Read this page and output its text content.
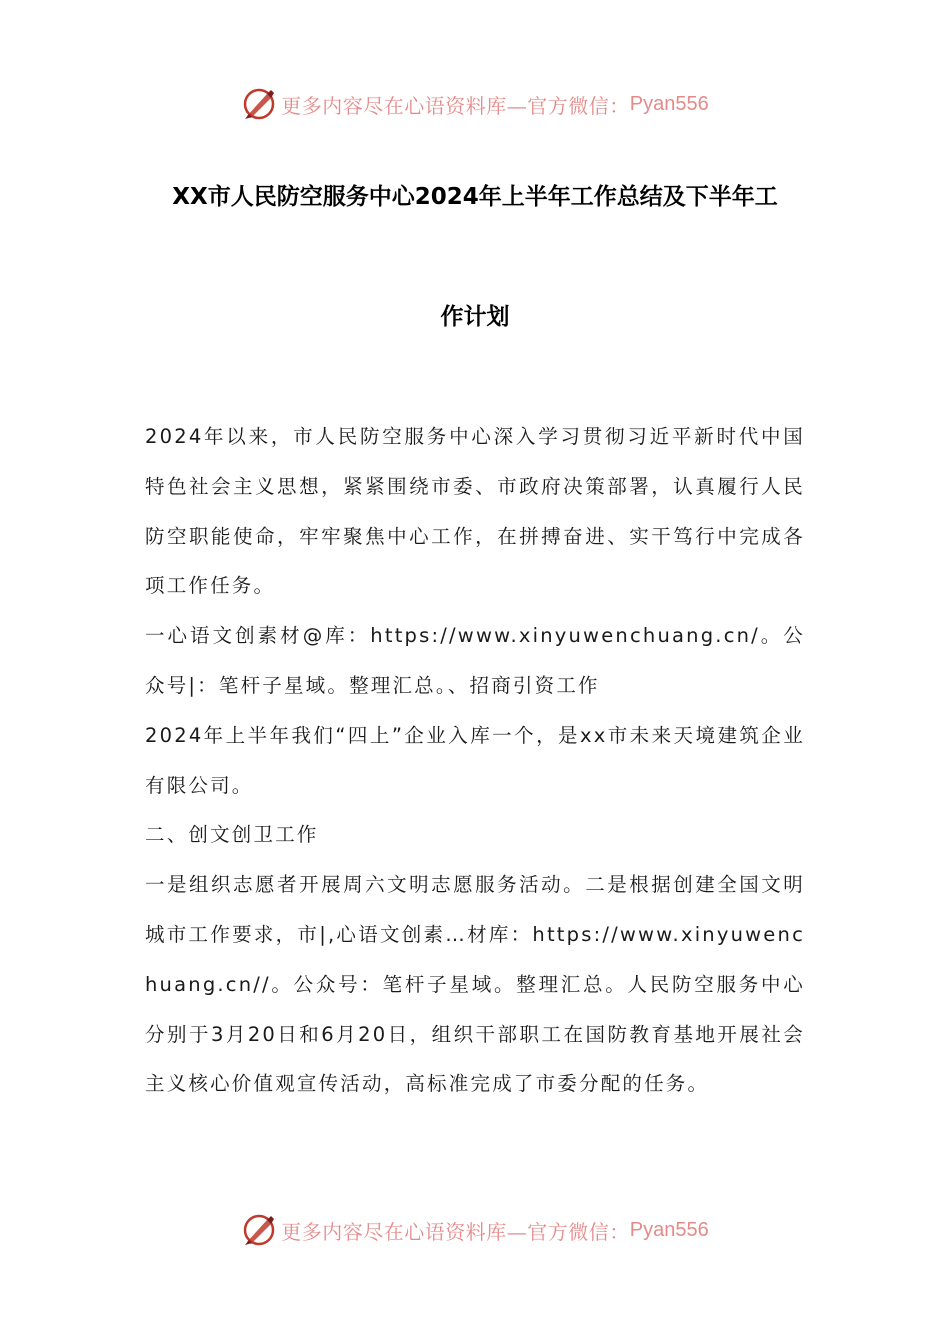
更多内容尽在心语资料库—官方微信： Pyan556
XX市人民防空服务中心2024年上半年工作总结及下半年工
作计划

2024年以来，市人民防空服务中心深入学习贯彻习近平新时代中国特色社会主义思想，紧紧围绕市委、市政府决策部署，认真履行人民防空职能使命，牢牢聚焦中心工作，在拼搏奋进、实干笃行中完成各项工作任务。

一心语文创素材@库：https://www.xinyuwenchuang.cn/。公众号|：笔杆子星域。整理汇总。、招商引资工作

2024年上半年我们“四上”企业入库一个，是xx市未来天境建筑企业有限公司。

二、创文创卫工作

一是组织志愿者开展周六文明志愿服务活动。二是根据创建全国文明城市工作要求，市|,心语文创素…材库：https://www.xinyuwenchuang.cn//。公众号：笔杆子星域。整理汇总。人民防空服务中心分别于3月20日和6月20日，组织干部职工在国防教育基地开展社会主义核心价值观宣传活动，高标准完成了市委分配的任务。

更多内容尽在心语资料库—官方微信： Pyan556
